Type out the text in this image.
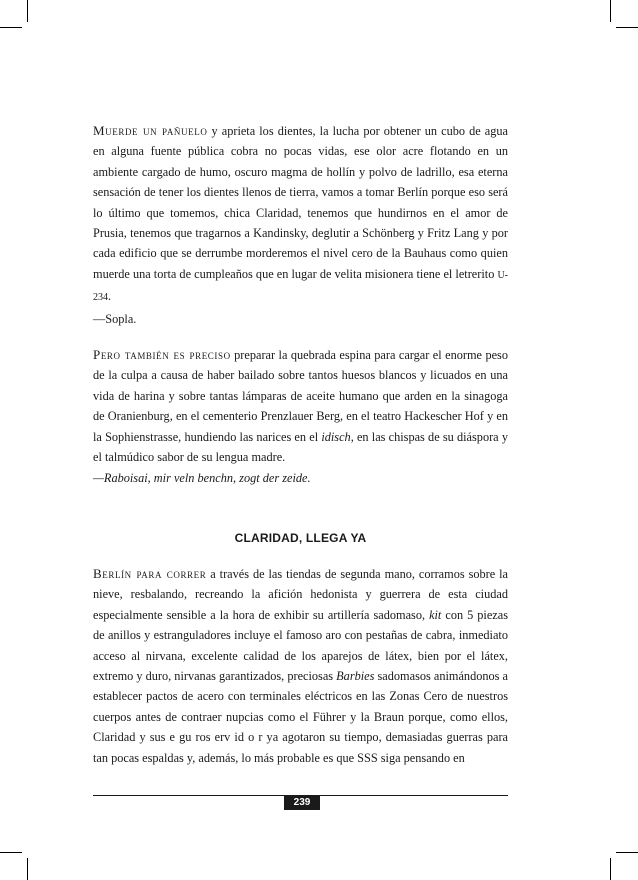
Muerde un pañuelo y aprieta los dientes, la lucha por obtener un cubo de agua en alguna fuente pública cobra no pocas vidas, ese olor acre flotando en un ambiente cargado de humo, oscuro magma de hollín y polvo de ladrillo, esa eterna sensación de tener los dientes llenos de tierra, vamos a tomar Berlín porque eso será lo último que tomemos, chica Claridad, tenemos que hundirnos en el amor de Prusia, tenemos que tragarnos a Kandinsky, deglutir a Schönberg y Fritz Lang y por cada edificio que se derrumbe morderemos el nivel cero de la Bauhaus como quien muerde una torta de cumpleaños que en lugar de velita misionera tiene el letrerito U-234.

—Sopla.

Pero también es preciso preparar la quebrada espina para cargar el enorme peso de la culpa a causa de haber bailado sobre tantos huesos blancos y licuados en una vida de harina y sobre tantas lámparas de aceite humano que arden en la sinagoga de Oranienburg, en el cementerio Prenzlauer Berg, en el teatro Hackescher Hof y en la Sophienstrasse, hundiendo las narices en el idisch, en las chispas de su diáspora y el talmúdico sabor de su lengua madre.

—Raboisai, mir veln benchn, zogt der zeide.

CLARIDAD, LLEGA YA

Berlín para correr a través de las tiendas de segunda mano, corramos sobre la nieve, resbalando, recreando la afición hedonista y guerrera de esta ciudad especialmente sensible a la hora de exhibir su artillería sadomaso, kit con 5 piezas de anillos y estranguladores incluye el famoso aro con pestañas de cabra, inmediato acceso al nirvana, excelente calidad de los aparejos de látex, bien por el látex, extremo y duro, nirvanas garantizados, preciosas Barbies sadomasos animándonos a establecer pactos de acero con terminales eléctricos en las Zonas Cero de nuestros cuerpos antes de contraer nupcias como el Führer y la Braun porque, como ellos, Claridad y sus e gu ros erv id o r ya agotaron su tiempo, demasiadas guerras para tan pocas espaldas y, además, lo más probable es que SSS siga pensando en

239
